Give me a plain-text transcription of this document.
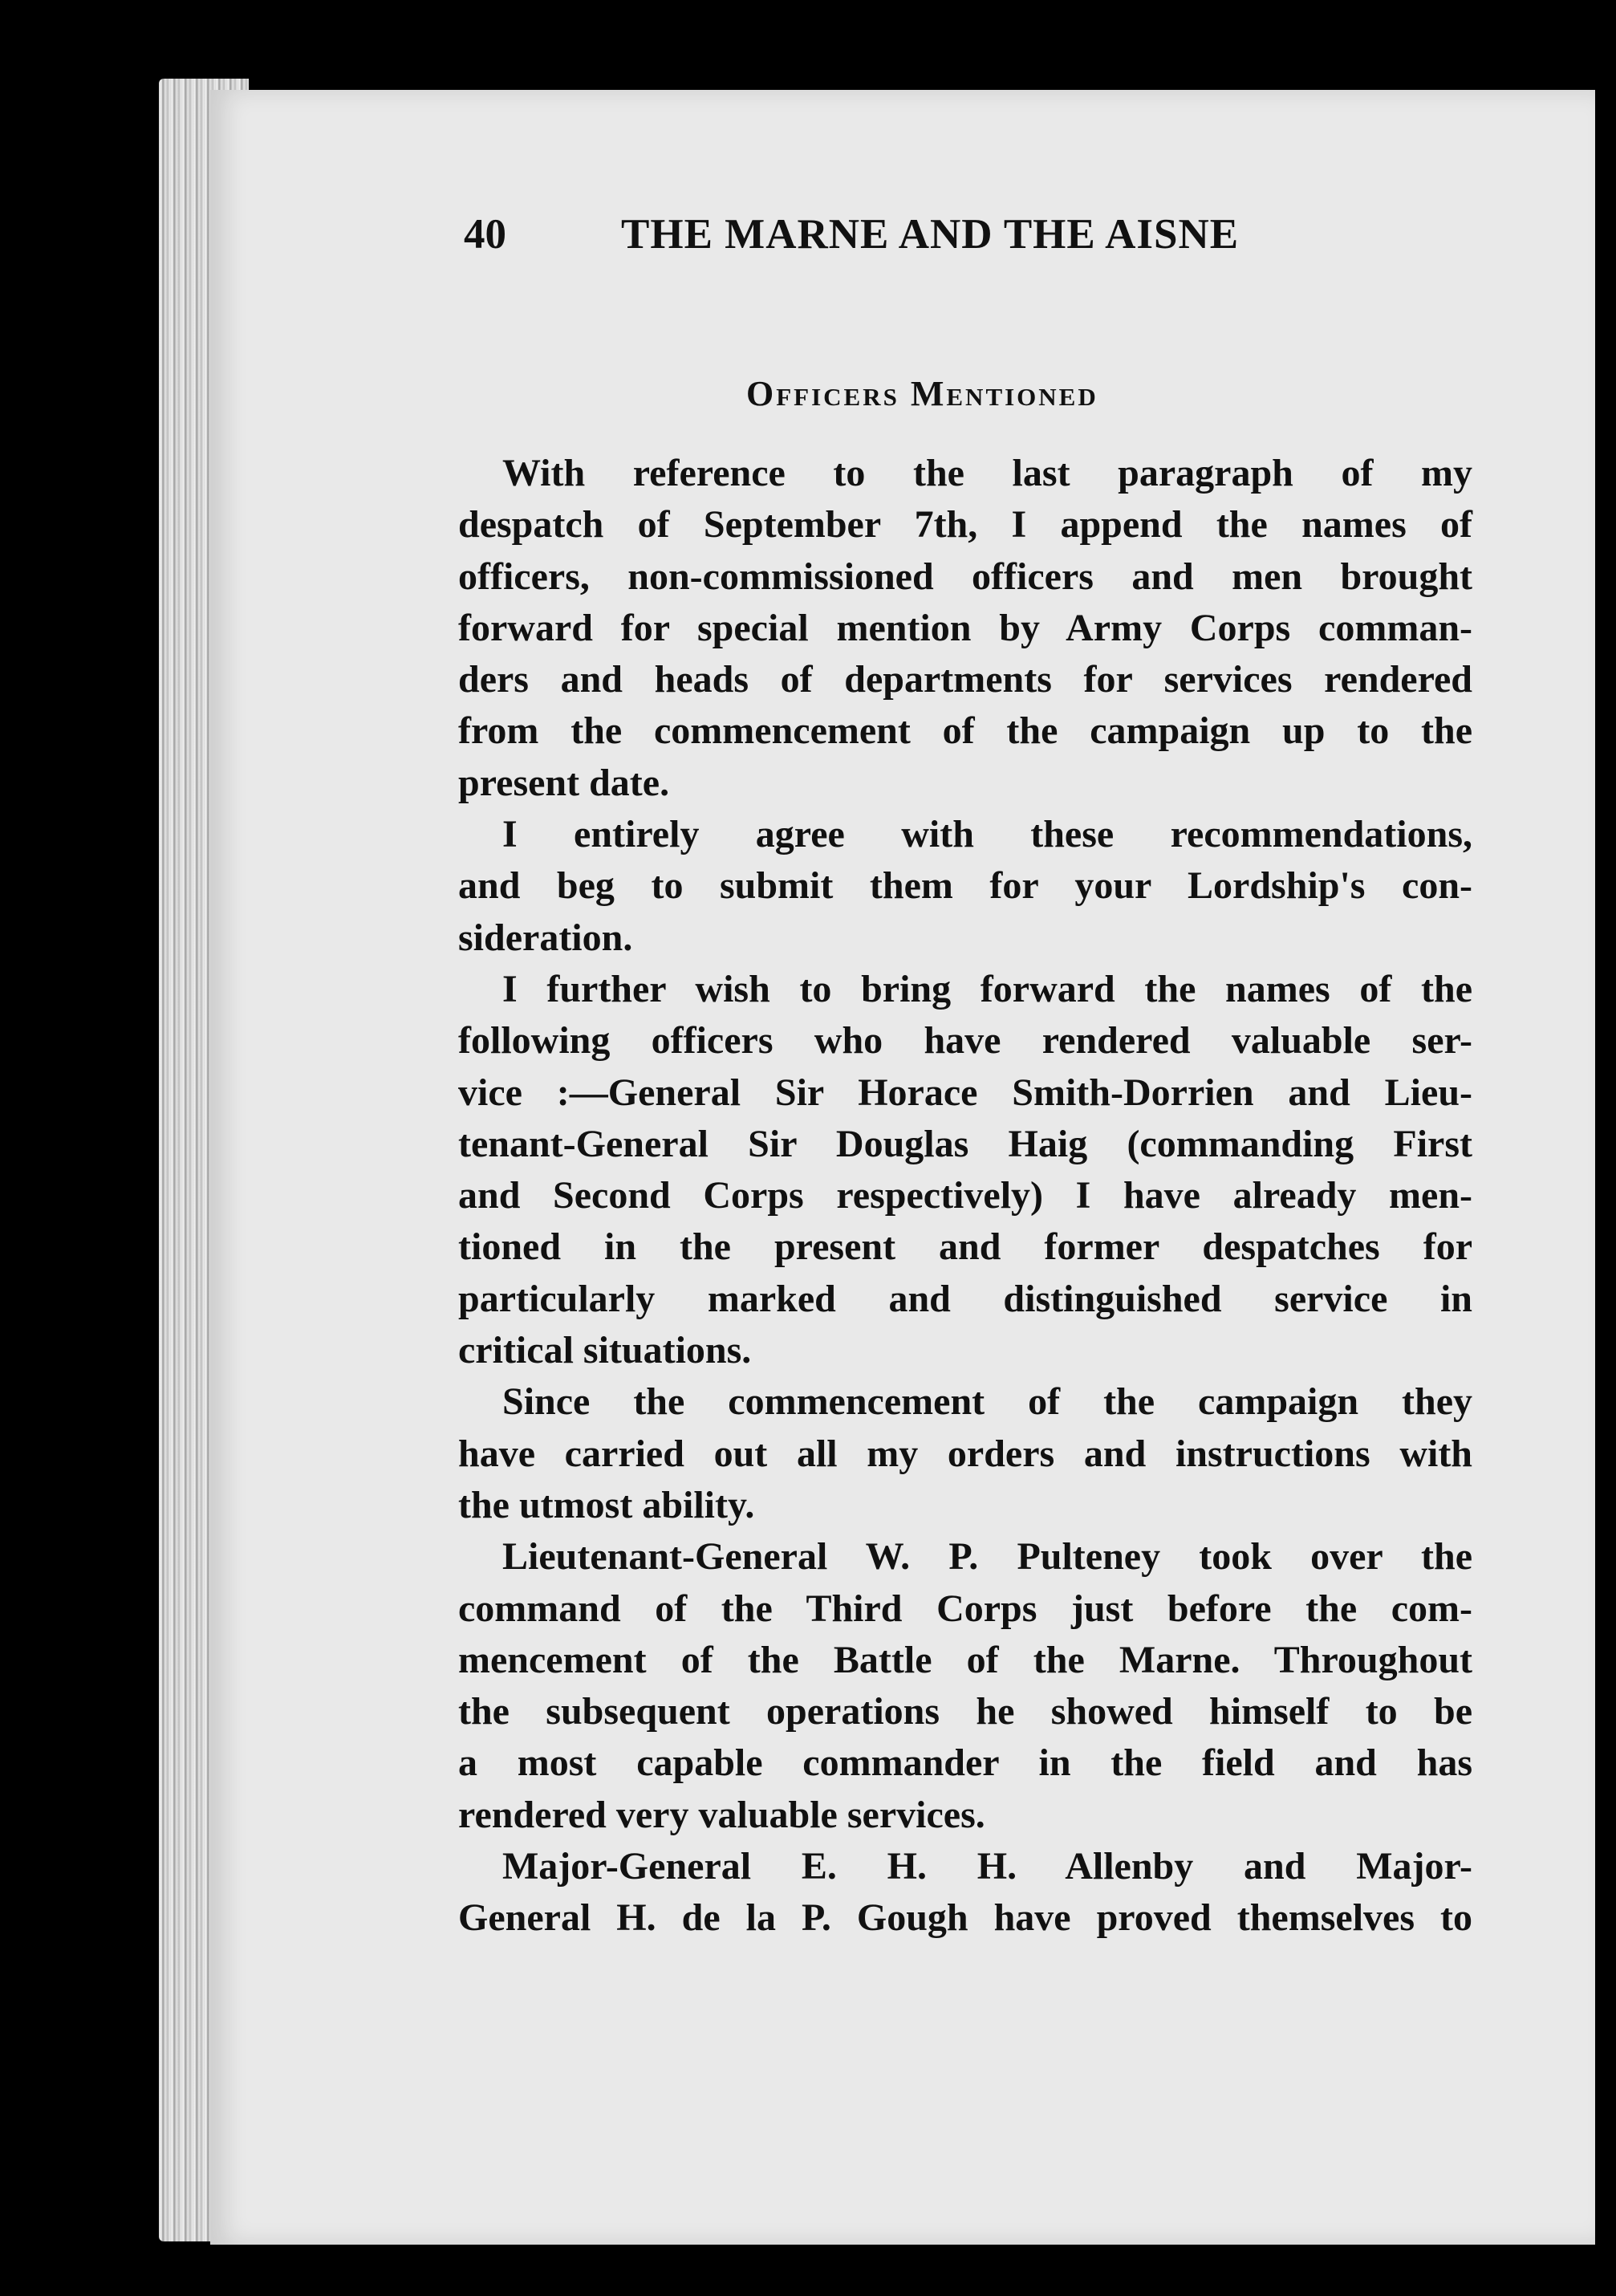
40	THE MARNE AND THE AISNE
Officers Mentioned
With reference to the last paragraph of my
despatch of September 7th, I append the names of
officers, non-commissioned officers and men brought
forward for special mention by Army Corps comman-
ders and heads of departments for services rendered
from the commencement of the campaign up to the
present date.
I entirely agree with these recommendations,
and beg to submit them for your Lordship's con-
sideration.
I further wish to bring forward the names of the
following officers who have rendered valuable ser-
vice :—General Sir Horace Smith-Dorrien and Lieu-
tenant-General Sir Douglas Haig (commanding First
and Second Corps respectively) I have already men-
tioned in the present and former despatches for
particularly marked and distinguished service in
critical situations.
Since the commencement of the campaign they
have carried out all my orders and instructions with
the utmost ability.
Lieutenant-General W. P. Pulteney took over the
command of the Third Corps just before the com-
mencement of the Battle of the Marne. Throughout
the subsequent operations he showed himself to be
a most capable commander in the field and has
rendered very valuable services.
Major-General E. H. H. Allenby and Major-
General H. de la P. Gough have proved themselves to
